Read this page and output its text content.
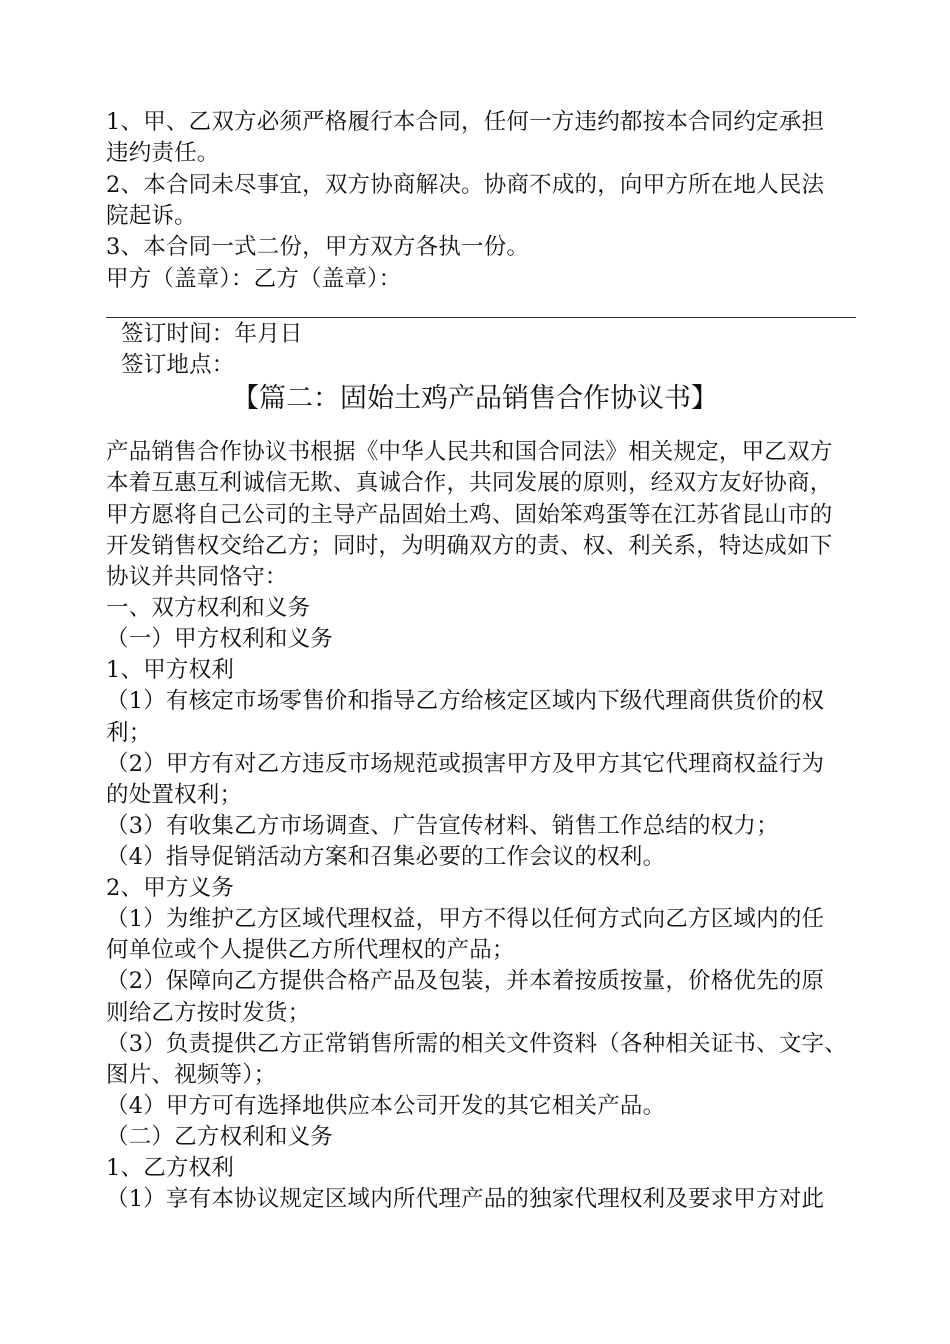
1、甲、乙双方必须严格履行本合同，任何一方违约都按本合同约定承担
违约责任。
2、本合同未尽事宜，双方协商解决。协商不成的，向甲方所在地人民法
院起诉。
3、本合同一式二份，甲方双方各执一份。
甲方（盖章）：乙方（盖章）：
签订时间：年月日
签订地点：
【篇二：固始土鸡产品销售合作协议书】
产品销售合作协议书根据《中华人民共和国合同法》相关规定，甲乙双方
本着互惠互利诚信无欺、真诚合作，共同发展的原则，经双方友好协商，
甲方愿将自己公司的主导产品固始土鸡、固始笨鸡蛋等在江苏省昆山市的
开发销售权交给乙方；同时，为明确双方的责、权、利关系，特达成如下
协议并共同恪守：
一、双方权利和义务
（一）甲方权利和义务
1、甲方权利
（1）有核定市场零售价和指导乙方给核定区域内下级代理商供货价的权
利；
（2）甲方有对乙方违反市场规范或损害甲方及甲方其它代理商权益行为
的处置权利；
（3）有收集乙方市场调查、广告宣传材料、销售工作总结的权力；
（4）指导促销活动方案和召集必要的工作会议的权利。
2、甲方义务
（1）为维护乙方区域代理权益，甲方不得以任何方式向乙方区域内的任
何单位或个人提供乙方所代理权的产品；
（2）保障向乙方提供合格产品及包装，并本着按质按量，价格优先的原
则给乙方按时发货；
（3）负责提供乙方正常销售所需的相关文件资料（各种相关证书、文字、
图片、视频等）；
（4）甲方可有选择地供应本公司开发的其它相关产品。
（二）乙方权利和义务
1、乙方权利
（1）享有本协议规定区域内所代理产品的独家代理权利及要求甲方对此
